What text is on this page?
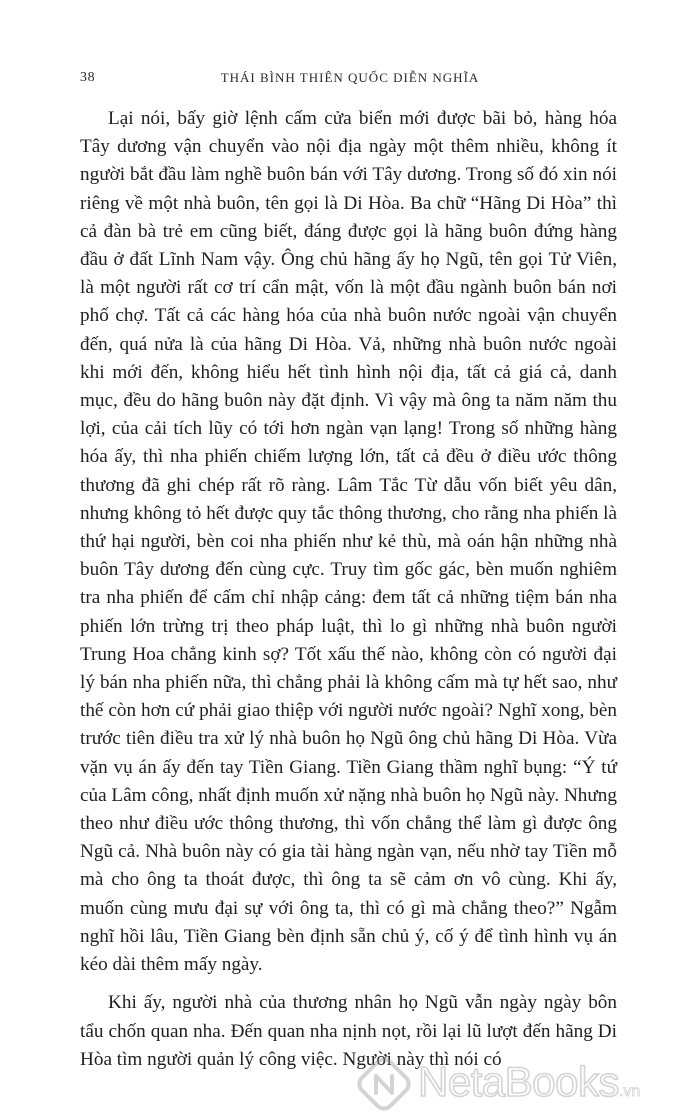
38	THÁI BÌNH THIÊN QUỐC DIỄN NGHĨA

Lại nói, bấy giờ lệnh cấm cửa biển mới được bãi bỏ, hàng hóa Tây dương vận chuyển vào nội địa ngày một thêm nhiều, không ít người bắt đầu làm nghề buôn bán với Tây dương. Trong số đó xin nói riêng về một nhà buôn, tên gọi là Di Hòa. Ba chữ “Hãng Di Hòa” thì cả đàn bà trẻ em cũng biết, đáng được gọi là hãng buôn đứng hàng đầu ở đất Lĩnh Nam vậy. Ông chủ hãng ấy họ Ngũ, tên gọi Tử Viên, là một người rất cơ trí cẩn mật, vốn là một đầu ngành buôn bán nơi phố chợ. Tất cả các hàng hóa của nhà buôn nước ngoài vận chuyển đến, quá nửa là của hãng Di Hòa. Vả, những nhà buôn nước ngoài khi mới đến, không hiểu hết tình hình nội địa, tất cả giá cả, danh mục, đều do hãng buôn này đặt định. Vì vậy mà ông ta năm năm thu lợi, của cải tích lũy có tới hơn ngàn vạn lạng! Trong số những hàng hóa ấy, thì nha phiến chiếm lượng lớn, tất cả đều ở điều ước thông thương đã ghi chép rất rõ ràng. Lâm Tắc Từ dẫu vốn biết yêu dân, nhưng không tỏ hết được quy tắc thông thương, cho rằng nha phiến là thứ hại người, bèn coi nha phiến như kẻ thù, mà oán hận những nhà buôn Tây dương đến cùng cực. Truy tìm gốc gác, bèn muốn nghiêm tra nha phiến để cấm chỉ nhập cảng: đem tất cả những tiệm bán nha phiến lớn trừng trị theo pháp luật, thì lo gì những nhà buôn người Trung Hoa chẳng kinh sợ? Tốt xấu thế nào, không còn có người đại lý bán nha phiến nữa, thì chẳng phải là không cấm mà tự hết sao, như thế còn hơn cứ phải giao thiệp với người nước ngoài? Nghĩ xong, bèn trước tiên điều tra xử lý nhà buôn họ Ngũ ông chủ hãng Di Hòa. Vừa vặn vụ án ấy đến tay Tiền Giang. Tiền Giang thầm nghĩ bụng: “Ý tứ của Lâm công, nhất định muốn xử nặng nhà buôn họ Ngũ này. Nhưng theo như điều ước thông thương, thì vốn chẳng thể làm gì được ông Ngũ cả. Nhà buôn này có gia tài hàng ngàn vạn, nếu nhờ tay Tiền mỗ mà cho ông ta thoát được, thì ông ta sẽ cảm ơn vô cùng. Khi ấy, muốn cùng mưu đại sự với ông ta, thì có gì mà chẳng theo?” Ngẫm nghĩ hồi lâu, Tiền Giang bèn định sẵn chủ ý, cố ý để tình hình vụ án kéo dài thêm mấy ngày.

Khi ấy, người nhà của thương nhân họ Ngũ vẫn ngày ngày bôn tẩu chốn quan nha. Đến quan nha nịnh nọt, rồi lại lũ lượt đến hãng Di Hòa tìm người quản lý công việc. Người này thì nói có

NetaBooks.vn
